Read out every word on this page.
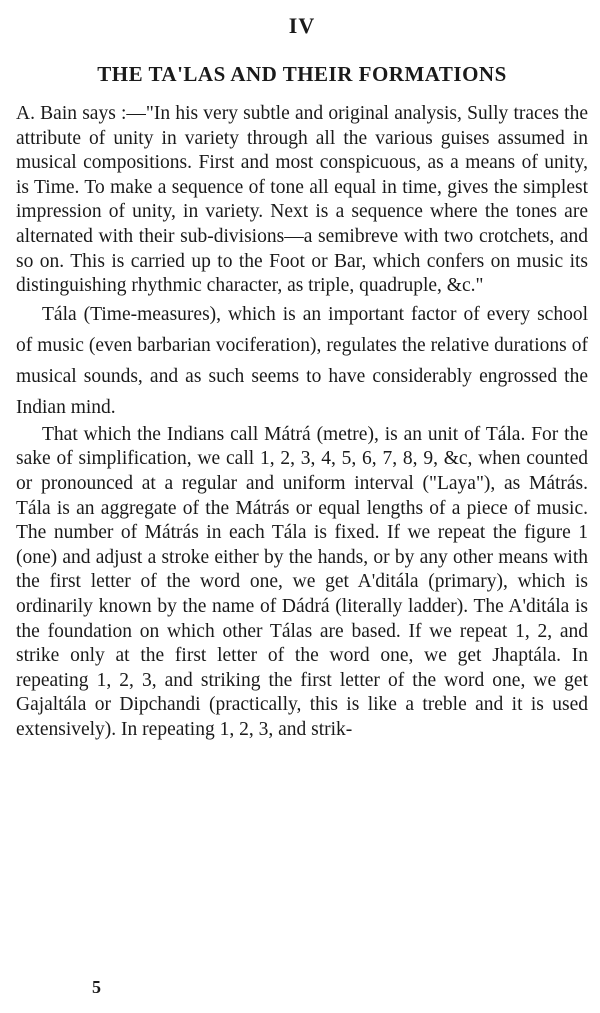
IV
THE TA'LAS AND THEIR FORMATIONS

A. Bain says :—"In his very subtle and original analysis, Sully traces the attribute of unity in variety through all the various guises assumed in musical compositions. First and most conspicuous, as a means of unity, is Time. To make a sequence of tone all equal in time, gives the simplest impression of unity, in variety. Next is a sequence where the tones are alternated with their sub-divisions—a semibreve with two crotchets, and so on. This is carried up to the Foot or Bar, which confers on music its distinguishing rhythmic character, as triple, quadruple, &c."

Tála (Time-measures), which is an important factor of every school of music (even barbarian vociferation), regulates the relative durations of musical sounds, and as such seems to have considerably engrossed the Indian mind.

That which the Indians call Mátrá (metre), is an unit of Tála. For the sake of simplification, we call 1, 2, 3, 4, 5, 6, 7, 8, 9, &c, when counted or pronounced at a regular and uniform interval ("Laya"), as Mátrás. Tála is an aggregate of the Mátrás or equal lengths of a piece of music. The number of Mátrás in each Tála is fixed. If we repeat the figure 1 (one) and adjust a stroke either by the hands, or by any other means with the first letter of the word one, we get A'ditála (primary), which is ordinarily known by the name of Dádrá (literally ladder). The A'ditála is the foundation on which other Tálas are based. If we repeat 1, 2, and strike only at the first letter of the word one, we get Jhaptála. In repeating 1, 2, 3, and striking the first letter of the word one, we get Gajaltála or Dipchandi (practically, this is like a treble and it is used extensively). In repeating 1, 2, 3, and strik-

5
